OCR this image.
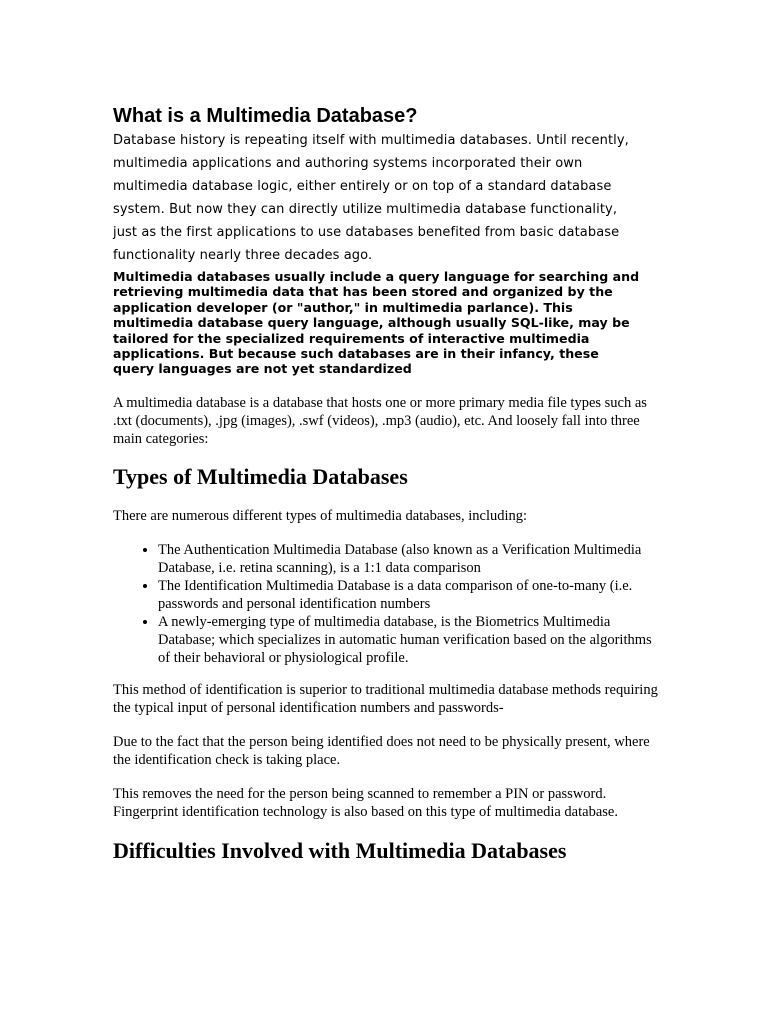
What is a Multimedia Database?

Database history is repeating itself with multimedia databases. Until recently, multimedia applications and authoring systems incorporated their own multimedia database logic, either entirely or on top of a standard database system. But now they can directly utilize multimedia database functionality, just as the first applications to use databases benefited from basic database functionality nearly three decades ago.

Multimedia databases usually include a query language for searching and retrieving multimedia data that has been stored and organized by the application developer (or "author," in multimedia parlance). This multimedia database query language, although usually SQL-like, may be tailored for the specialized requirements of interactive multimedia applications. But because such databases are in their infancy, these query languages are not yet standardized

A multimedia database is a database that hosts one or more primary media file types such as .txt (documents), .jpg (images), .swf (videos), .mp3 (audio), etc. And loosely fall into three main categories:

Types of Multimedia Databases

There are numerous different types of multimedia databases, including:

• The Authentication Multimedia Database (also known as a Verification Multimedia Database, i.e. retina scanning), is a 1:1 data comparison
• The Identification Multimedia Database is a data comparison of one-to-many (i.e. passwords and personal identification numbers
• A newly-emerging type of multimedia database, is the Biometrics Multimedia Database; which specializes in automatic human verification based on the algorithms of their behavioral or physiological profile.

This method of identification is superior to traditional multimedia database methods requiring the typical input of personal identification numbers and passwords-

Due to the fact that the person being identified does not need to be physically present, where the identification check is taking place.

This removes the need for the person being scanned to remember a PIN or password. Fingerprint identification technology is also based on this type of multimedia database.

Difficulties Involved with Multimedia Databases
